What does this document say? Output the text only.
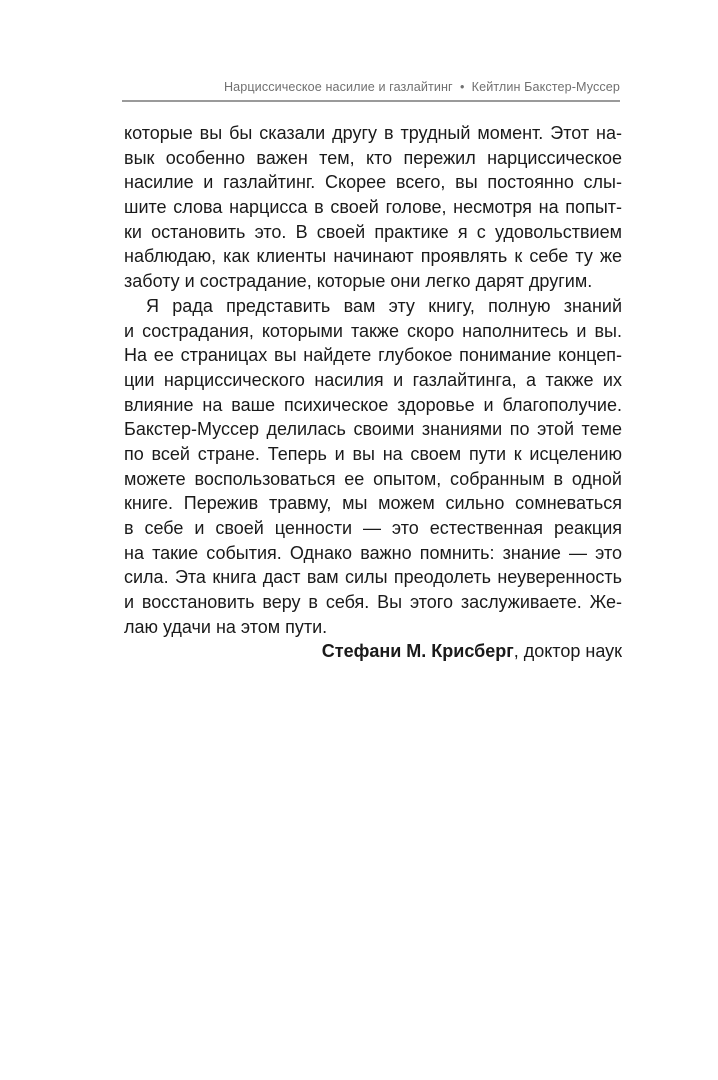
Нарциссическое насилие и газлайтинг • Кейтлин Бакстер-Муссер
которые вы бы сказали другу в трудный момент. Этот на-
вык особенно важен тем, кто пережил нарциссическое
насилие и газлайтинг. Скорее всего, вы постоянно слы-
шите слова нарцисса в своей голове, несмотря на попыт-
ки остановить это. В своей практике я с удовольствием
наблюдаю, как клиенты начинают проявлять к себе ту же
заботу и сострадание, которые они легко дарят другим.
Я рада представить вам эту книгу, полную знаний
и сострадания, которыми также скоро наполнитесь и вы.
На ее страницах вы найдете глубокое понимание концеп-
ции нарциссического насилия и газлайтинга, а также их
влияние на ваше психическое здоровье и благополучие.
Бакстер-Муссер делилась своими знаниями по этой теме
по всей стране. Теперь и вы на своем пути к исцелению
можете воспользоваться ее опытом, собранным в одной
книге. Пережив травму, мы можем сильно сомневаться
в себе и своей ценности — это естественная реакция
на такие события. Однако важно помнить: знание — это
сила. Эта книга даст вам силы преодолеть неуверенность
и восстановить веру в себя. Вы этого заслуживаете. Же-
лаю удачи на этом пути.
Стефани М. Крисберг, доктор наук
